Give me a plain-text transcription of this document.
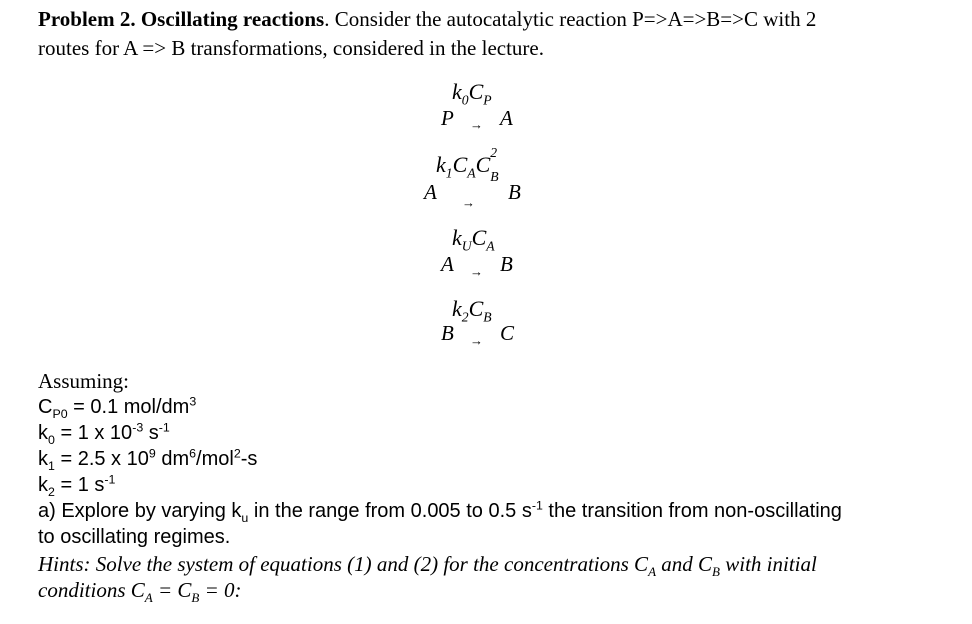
Problem 2. Oscillating reactions. Consider the autocatalytic reaction P=>A=>B=>C with 2
routes for A => B transformations, considered in the lecture.
$k_0C_P$
P → A
$k_1C_AC$ 2
B

A → B
$k_UC_A$
A → B
$k_2C_B$
B → C
Assuming:
$C_{P0} = 0.1$ mol/$dm^3$
$k_0 = 1$ x $10^{-3}$ $s^{-1}$
$k_1 = 2.5$ x $10^9$ $dm^6/mol^2-s$
$k_2 = 1$ $s^{-1}$
a) Explore by varying $k_u$ in the range from 0.005 to 0.5 $s^{-1}$ the transition from non-oscillating
to oscillating regimes.
Hints: Solve the system of equations (1) and (2) for the concentrations $C_A$ and $C_B$ with initial
conditions $C_A = C_B = 0$:
